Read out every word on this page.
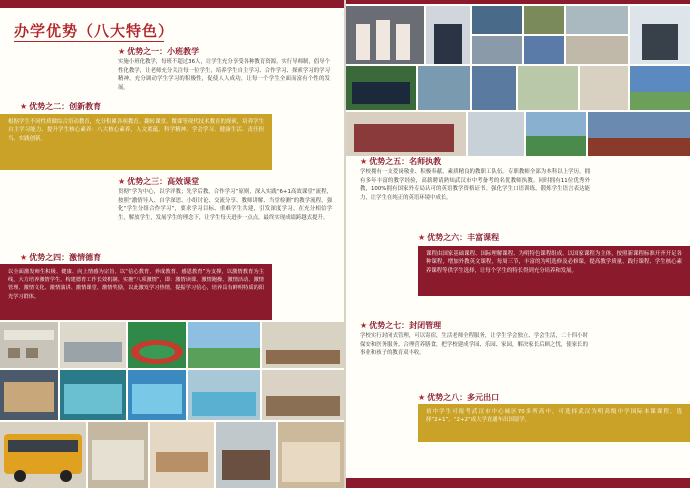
办学优势（八大特色）
★ 优势之一：小班教学
实施小班化教学，每班不超过36人，让学生充分享受各种教育资源。实行导师制，倡导个性化教学，让老师充分关注每一位学生，培养学生自主学习、合作学习、探索学习的学习精神，充分调动学生学习的积极性，促使人人成功，让每一个学生全面而富有个性的发展。
★ 优势之二：创新教育
根据学生不同性质做综合语动教育，充分积累各项教育。翻转课堂、微课等现代技术教育的探索，培养学生自主学习能力、提升学生核心素养：八大核心素养，人文底蕴、科学精神、学会学习、健康生活、责任担当、实践创新。
★ 优势之三：高效课堂
贯彻“学为中心，以学评教；先学后教，合作学习”原则，深入实践“6+1高效课堂”流程，按照“激情导入、自学深思、小组讨论、交流分享、教师讲解、当堂检测”的教学流程，强化“学生分组合作学习”，要求学习目标、重难学生共建，引发深度学习。在充分相信学生，解放学生，发展学生的理念下，让学生每天进步一点点，最终实现成绩跨越式提升。
★ 优势之四：激情德育
以全面激发师生积极、健康、向上情感为宗旨，以“信心教育、养成教育、感恩教育”为支撑，以激情教育为主线，大力培养激情学生，构建德育工作长效机制。实施“八项激情”，即：激情读课、激情跑操、激情活动、激情管理、激情文化、激情演讲、激情课堂、激情奖励，以此激发学习热情，提振学习信心，培养具有鲜明特质的阳光学习群体。
★ 优势之五：名师执教
学校拥有一支爱岗敬业、积极奉献、素质精良的教职工队伍。专职教师全部为本科以上学历，拥有多年丰富的教学经验，高薪聘请熟知武汉市中考备考的名优教师执教。同时拥有11位优秀外教，100%拥有国家外专局认可的英语教学资格证书。强化学生口语训练，锻炼学生语言表达能力，让学生在纯正的英语环境中成长。
★ 优势之六：丰富课程
课程由国家基础课程、国际理解课程、为明特色课程组成。以国家课程为主体，按照新课程标准开齐开足各种课程，增加外教英文课程，每周三节，丰富的为明选修及必修课，提高教学质量、践行课程、学生核心素养课程等供学生选择，让每个学生的特长得到充分培养和发展。
★ 优势之七：封闭管理
学校实行封闭式管理，可以寄宿，生活老师全程服务，让学生学会独立、学会生活，二十四小时保安和医务服务、合理营养膳食，把学校建成学园、乐园、家园，解决家长后顾之忧，使家长的事业和孩子的教育双丰收。
★ 优势之八：多元出口
初中学生可报考武汉市中心城区70多所高中，可选择武汉为明高级中学国际本课课程，选择“2+1”、“2+2”成大学直通车出国留学。
